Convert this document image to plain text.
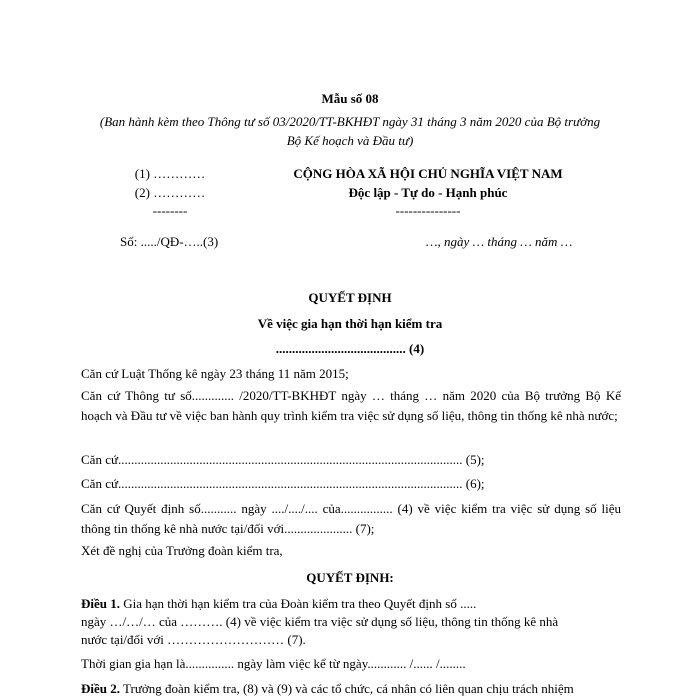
Mẫu số 08
(Ban hành kèm theo Thông tư số 03/2020/TT-BKHĐT ngày 31 tháng 3 năm 2020 của Bộ trưởng
Bộ Kế hoạch và Đầu tư)
(1) …………
(2) …………
--------
CỘNG HÒA XÃ HỘI CHỦ NGHĨA VIỆT NAM
Độc lập - Tự do - Hạnh phúc
---------------
Số: ...../QĐ-…..(3)	…, ngày … tháng … năm …
QUYẾT ĐỊNH
Về việc gia hạn thời hạn kiểm tra
........................................ (4)
Căn cứ Luật Thống kê ngày 23 tháng 11 năm 2015;
Căn cứ Thông tư số............. /2020/TT-BKHĐT ngày … tháng … năm 2020 của Bộ trưởng Bộ Kế hoạch và Đầu tư về việc ban hành quy trình kiểm tra việc sử dụng số liệu, thông tin thống kê nhà nước;
Căn cứ.......................................................................................................... (5);
Căn cứ.......................................................................................................... (6);
Căn cứ Quyết định số........... ngày ..../..../.... của................ (4) về việc kiểm tra việc sử dụng số liệu thông tin thống kê nhà nước tại/đối với..................... (7);
Xét đề nghị của Trưởng đoàn kiểm tra,
QUYẾT ĐỊNH:
Điều 1. Gia hạn thời hạn kiểm tra của Đoàn kiểm tra theo Quyết định số .....
ngày …/…/… của ………. (4) về việc kiểm tra việc sử dụng số liệu, thông tin thống kê nhà
nước tại/đối với ……………………… (7).
Thời gian gia hạn là............... ngày làm việc kể từ ngày............ /...... /........
Điều 2. Trưởng đoàn kiểm tra, (8) và (9) và các tổ chức, cá nhân có liên quan chịu trách nhiệm
